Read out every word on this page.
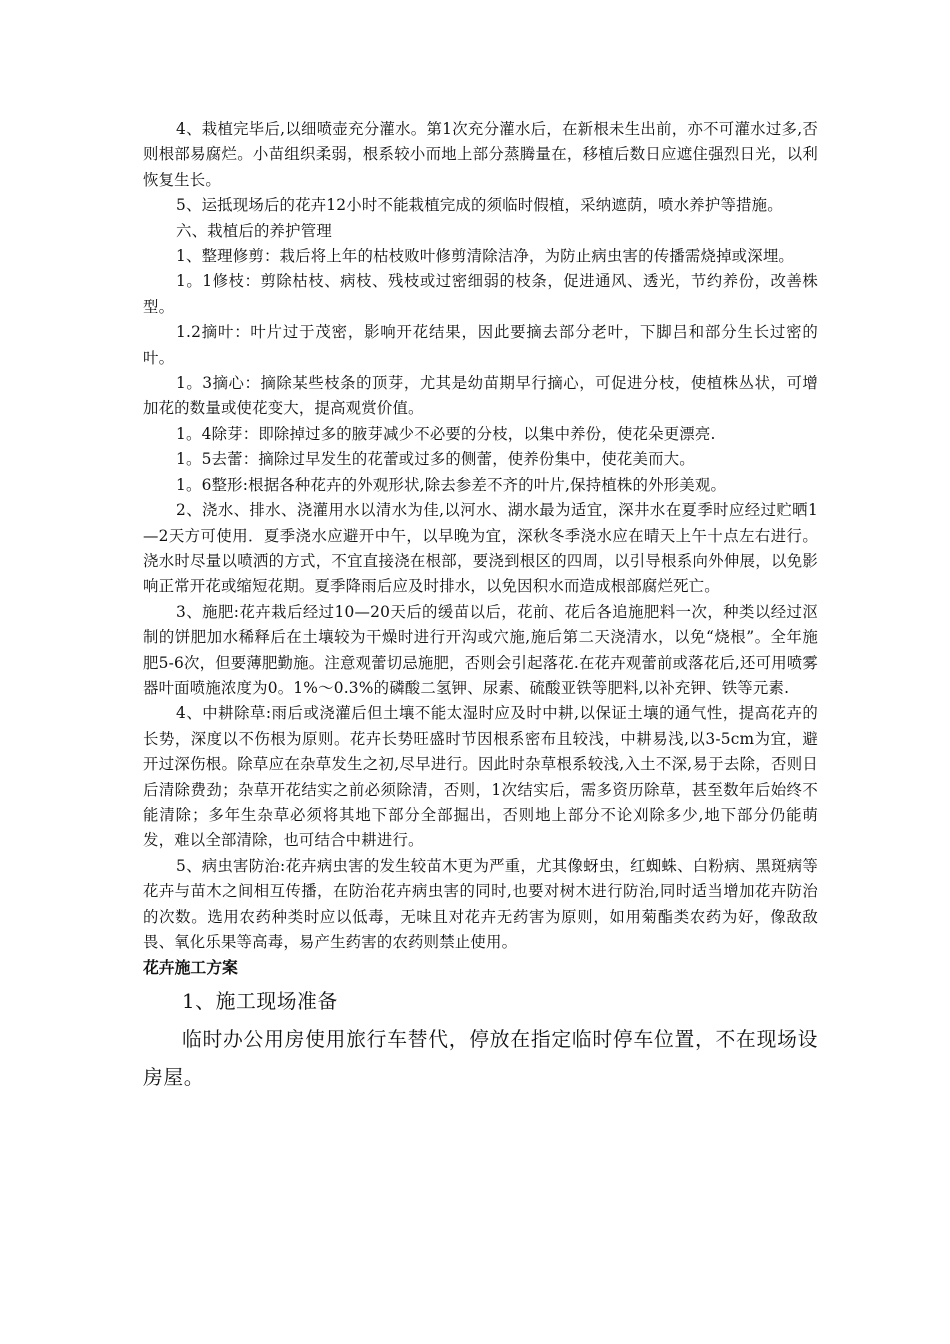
4、栽植完毕后,以细喷壶充分灌水。第1次充分灌水后，在新根未生出前，亦不可灌水过多,否则根部易腐烂。小苗组织柔弱，根系较小而地上部分蒸腾量在，移植后数日应遮住强烈日光，以利恢复生长。

5、运抵现场后的花卉12小时不能栽植完成的须临时假植，采纳遮荫，喷水养护等措施。

六、栽植后的养护管理

1、整理修剪：栽后将上年的枯枝败叶修剪清除洁净，为防止病虫害的传播需烧掉或深埋。

1。1修枝：剪除枯枝、病枝、残枝或过密细弱的枝条，促进通风、透光，节约养份，改善株型。

1.2摘叶：叶片过于茂密，影响开花结果，因此要摘去部分老叶，下脚吕和部分生长过密的叶。

1。3摘心：摘除某些枝条的顶芽，尤其是幼苗期早行摘心，可促进分枝，使植株丛状，可增加花的数量或使花变大，提高观赏价值。

1。4除芽：即除掉过多的腋芽减少不必要的分枝，以集中养份，使花朵更漂亮.

1。5去蕾：摘除过早发生的花蕾或过多的侧蕾，使养份集中，使花美而大。

1。6整形:根据各种花卉的外观形状,除去参差不齐的叶片,保持植株的外形美观。

2、浇水、排水、浇灌用水以清水为佳,以河水、湖水最为适宜，深井水在夏季时应经过贮晒1—2天方可使用．夏季浇水应避开中午，以早晚为宜，深秋冬季浇水应在晴天上午十点左右进行。浇水时尽量以喷洒的方式，不宜直接浇在根部，要浇到根区的四周，以引导根系向外伸展，以免影响正常开花或缩短花期。夏季降雨后应及时排水，以免因积水而造成根部腐烂死亡。

3、施肥:花卉栽后经过10—20天后的缓苗以后，花前、花后各追施肥料一次，种类以经过沤制的饼肥加水稀释后在土壤较为干燥时进行开沟或穴施,施后第二天浇清水，以免“烧根”。全年施肥5-6次，但要薄肥勤施。注意观蕾切忌施肥，否则会引起落花.在花卉观蕾前或落花后,还可用喷雾器叶面喷施浓度为0。1%～0.3%的磷酸二氢钾、尿素、硫酸亚铁等肥料,以补充钾、铁等元素.

4、中耕除草:雨后或浇灌后但土壤不能太湿时应及时中耕,以保证土壤的通气性，提高花卉的长势，深度以不伤根为原则。花卉长势旺盛时节因根系密布且较浅，中耕易浅,以3-5cm为宜，避开过深伤根。除草应在杂草发生之初,尽早进行。因此时杂草根系较浅,入土不深,易于去除，否则日后清除费劲；杂草开花结实之前必须除清，否则，1次结实后，需多资历除草，甚至数年后始终不能清除；多年生杂草必须将其地下部分全部掘出，否则地上部分不论刈除多少,地下部分仍能萌发，难以全部清除，也可结合中耕进行。

5、病虫害防治:花卉病虫害的发生较苗木更为严重，尤其像蚜虫，红蜘蛛、白粉病、黑斑病等花卉与苗木之间相互传播，在防治花卉病虫害的同时,也要对树木进行防治,同时适当增加花卉防治的次数。选用农药种类时应以低毒，无味且对花卉无药害为原则，如用菊酯类农药为好，像敌敌畏、氧化乐果等高毒，易产生药害的农药则禁止使用。

花卉施工方案

1、施工现场准备

临时办公用房使用旅行车替代，停放在指定临时停车位置，不在现场设房屋。
